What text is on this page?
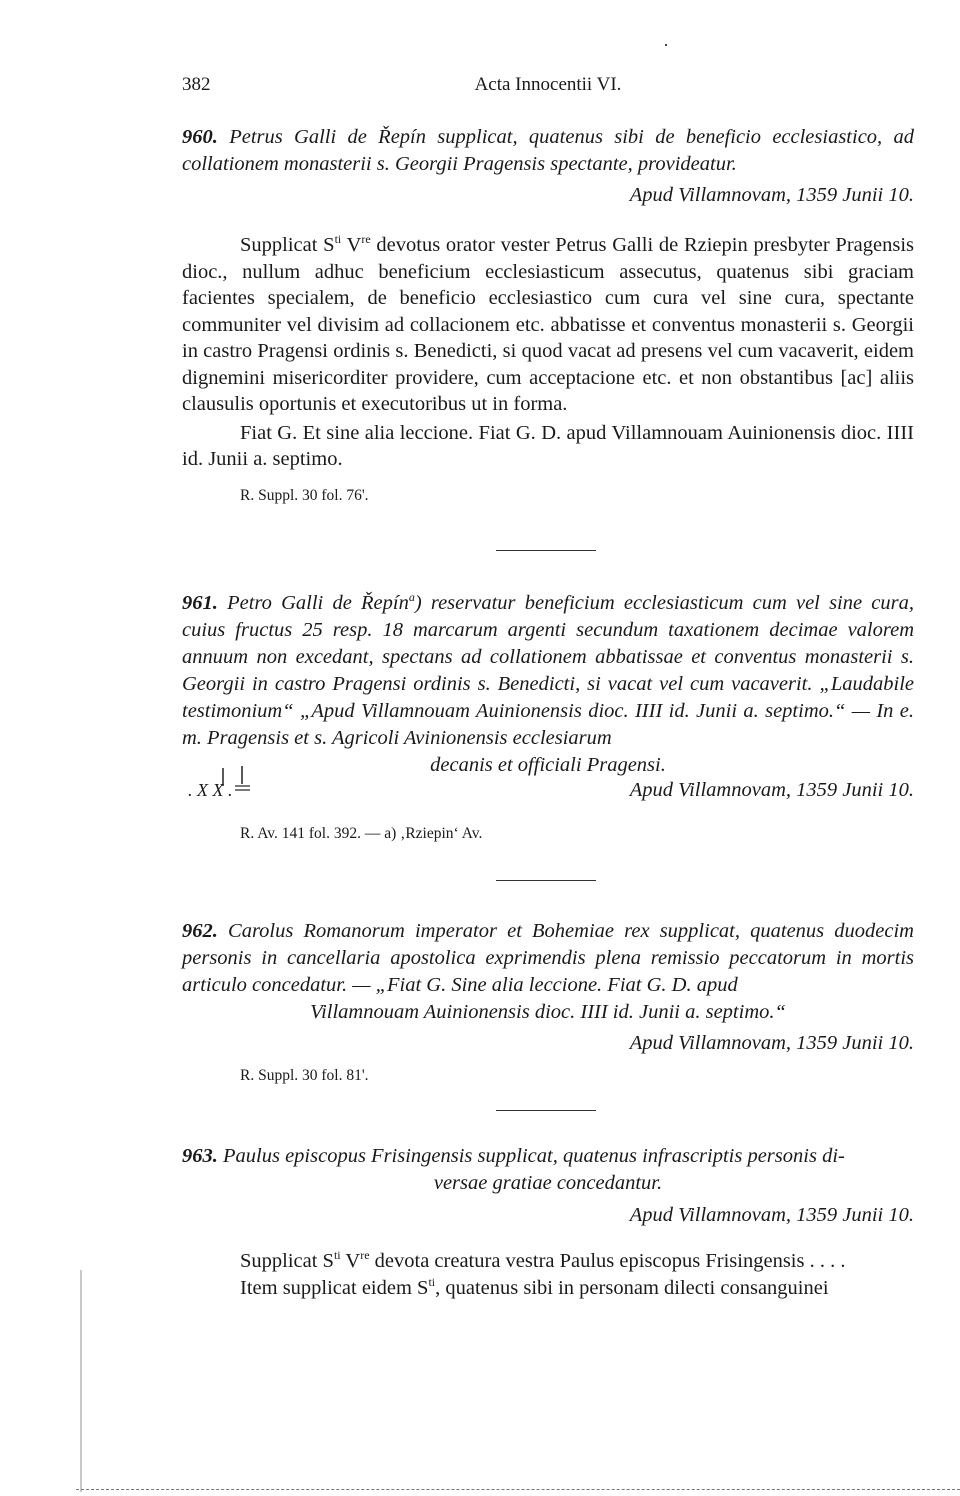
382	Acta Innocentii VI.

960. Petrus Galli de Řepín supplicat, quatenus sibi de beneficio ecclesiastico, ad collationem monasterii s. Georgii Pragensis spectante, provideatur.

Apud Villamnovam, 1359 Junii 10.

Supplicat $S^{ti}$ Vre devotus orator vester Petrus Galli de Rziepin presbyter Pragensis dioc., nullum adhuc beneficium ecclesiasticum assecutus, quatenus sibi graciam facientes specialem, de beneficio ecclesiastico cum cura vel sine cura, spectante communiter vel divisim ad collacionem etc. abbatisse et conventus monasterii s. Georgii in castro Pragensi ordinis s. Benedicti, si quod vacat ad presens vel cum vacaverit, eidem dignemini misericorditer providere, cum acceptacione etc. et non obstantibus [ac] aliis clausulis oportunis et executoribus ut in forma.

Fiat G. Et sine alia leccione. Fiat G. D. apud Villamnouam Auinionensis dioc. IIII id. Junii a. septimo.

R. Suppl. 30 fol. 76'.

961. Petro Galli de Řepín$^a$) reservatur beneficium ecclesiasticum cum vel sine cura, cuius fructus 25 resp. 18 marcarum argenti secundum taxationem decimae valorem annuum non excedant, spectans ad collationem abbatissae et conventus monasterii s. Georgii in castro Pragensi ordinis s. Benedicti, si vacat vel cum vacaverit. „Laudabile testimonium“ „Apud Villamnouam Auinionensis dioc. IIII id. Junii a. septimo.“ — In e. m. Pragensis et s. Agricoli Avinionensis ecclesiarum

decanis et officiali Pragensi.

. X X .	Apud Villamnovam, 1359 Junii 10.

R. Av. 141 fol. 392. — a) ‚Rziepin‘ Av.

962. Carolus Romanorum imperator et Bohemiae rex supplicat, quatenus duodecim personis in cancellaria apostolica exprimendis plena remissio peccatorum in mortis articulo concedatur. — „Fiat G. Sine alia leccione. Fiat G. D. apud

Villamnouam Auinionensis dioc. IIII id. Junii a. septimo.“

Apud Villamnovam, 1359 Junii 10.

R. Suppl. 30 fol. 81'.

963. Paulus episcopus Frisingensis supplicat, quatenus infrascriptis personis di-

versae gratiae concedantur.

Apud Villamnovam, 1359 Junii 10.

Supplicat $S^{ti}$ Vre devota creatura vestra Paulus episcopus Frisingensis . . . .

Item supplicat eidem $S^{ti}$, quatenus sibi in personam dilecti consanguinei
